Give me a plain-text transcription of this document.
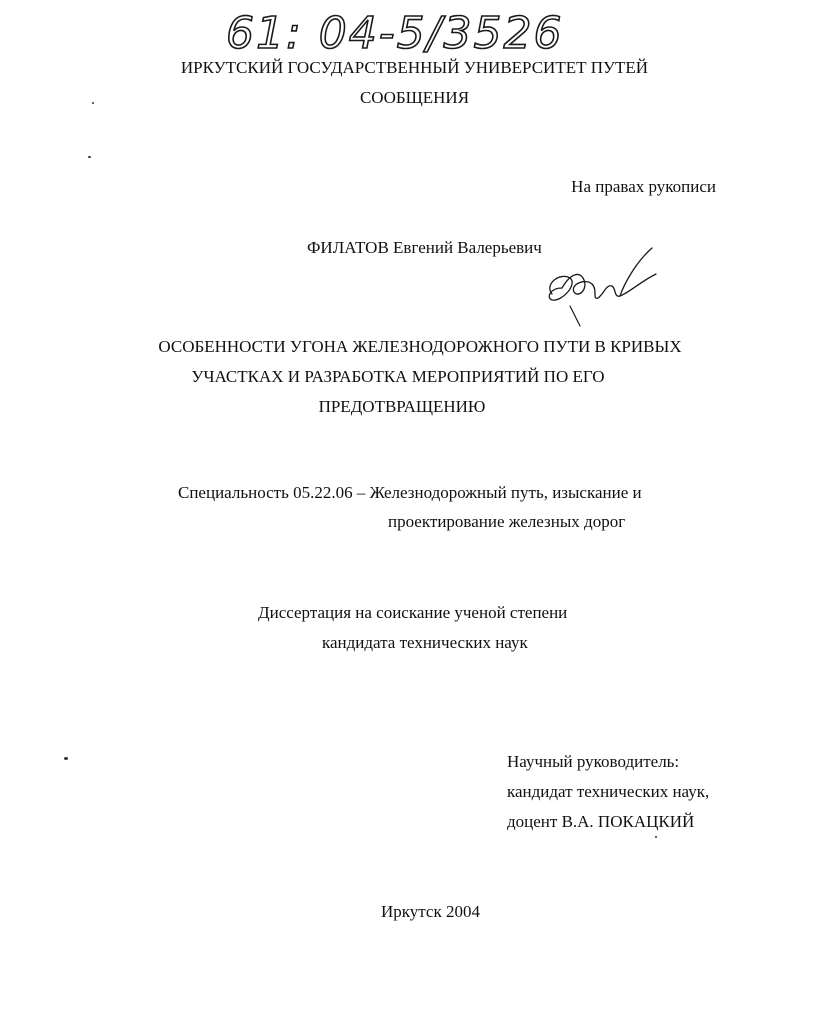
61: 04-5/3526
ИРКУТСКИЙ ГОСУДАРСТВЕННЫЙ УНИВЕРСИТЕТ ПУТЕЙ
СООБЩЕНИЯ
На правах рукописи
ФИЛАТОВ Евгений Валерьевич
ОСОБЕННОСТИ УГОНА ЖЕЛЕЗНОДОРОЖНОГО ПУТИ В КРИВЫХ
УЧАСТКАХ И РАЗРАБОТКА МЕРОПРИЯТИЙ ПО ЕГО
ПРЕДОТВРАЩЕНИЮ
Специальность 05.22.06 – Железнодорожный путь, изыскание и
проектирование железных дорог
Диссертация на соискание ученой степени
кандидата технических наук
Научный руководитель:
кандидат технических наук,
доцент В.А. ПОКАЦКИЙ
Иркутск 2004
